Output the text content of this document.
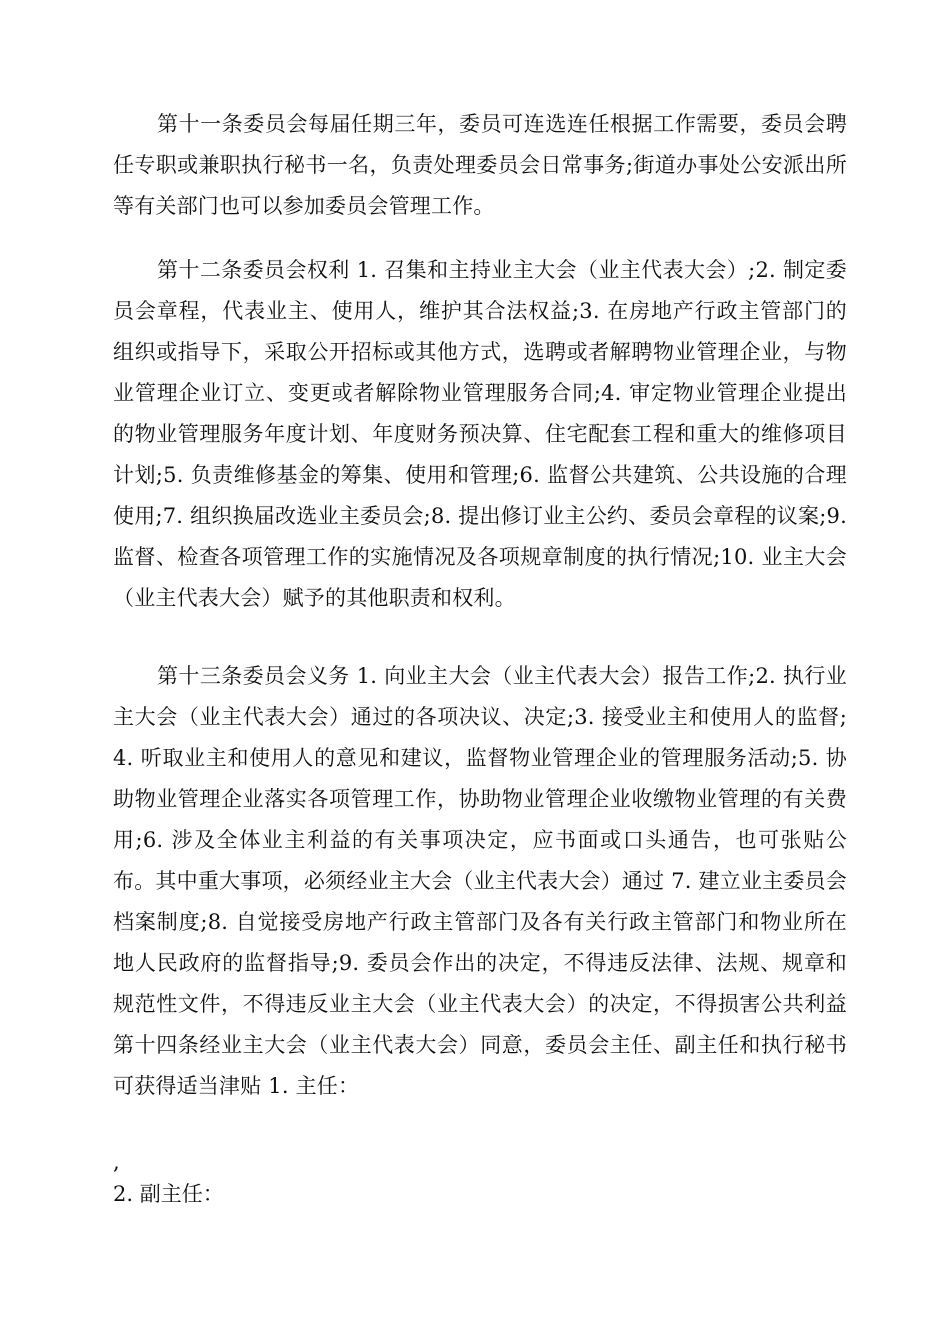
第十一条委员会每届任期三年，委员可连选连任根据工作需要，委员会聘任专职或兼职执行秘书一名，负责处理委员会日常事务;街道办事处公安派出所等有关部门也可以参加委员会管理工作。

第十二条委员会权利 1. 召集和主持业主大会（业主代表大会）;2. 制定委员会章程，代表业主、使用人，维护其合法权益;3. 在房地产行政主管部门的组织或指导下，采取公开招标或其他方式，选聘或者解聘物业管理企业，与物业管理企业订立、变更或者解除物业管理服务合同;4. 审定物业管理企业提出的物业管理服务年度计划、年度财务预决算、住宅配套工程和重大的维修项目计划;5. 负责维修基金的筹集、使用和管理;6. 监督公共建筑、公共设施的合理使用;7. 组织换届改选业主委员会;8. 提出修订业主公约、委员会章程的议案;9. 监督、检查各项管理工作的实施情况及各项规章制度的执行情况;10. 业主大会（业主代表大会）赋予的其他职责和权利。

第十三条委员会义务 1. 向业主大会（业主代表大会）报告工作;2. 执行业主大会（业主代表大会）通过的各项决议、决定;3. 接受业主和使用人的监督;4. 听取业主和使用人的意见和建议，监督物业管理企业的管理服务活动;5. 协助物业管理企业落实各项管理工作，协助物业管理企业收缴物业管理的有关费用;6. 涉及全体业主利益的有关事项决定，应书面或口头通告，也可张贴公布。其中重大事项，必须经业主大会（业主代表大会）通过 7. 建立业主委员会档案制度;8. 自觉接受房地产行政主管部门及各有关行政主管部门和物业所在地人民政府的监督指导;9. 委员会作出的决定，不得违反法律、法规、规章和规范性文件，不得违反业主大会（业主代表大会）的决定，不得损害公共利益第十四条经业主大会（业主代表大会）同意，委员会主任、副主任和执行秘书可获得适当津贴 1. 主任：

,

2. 副主任：
